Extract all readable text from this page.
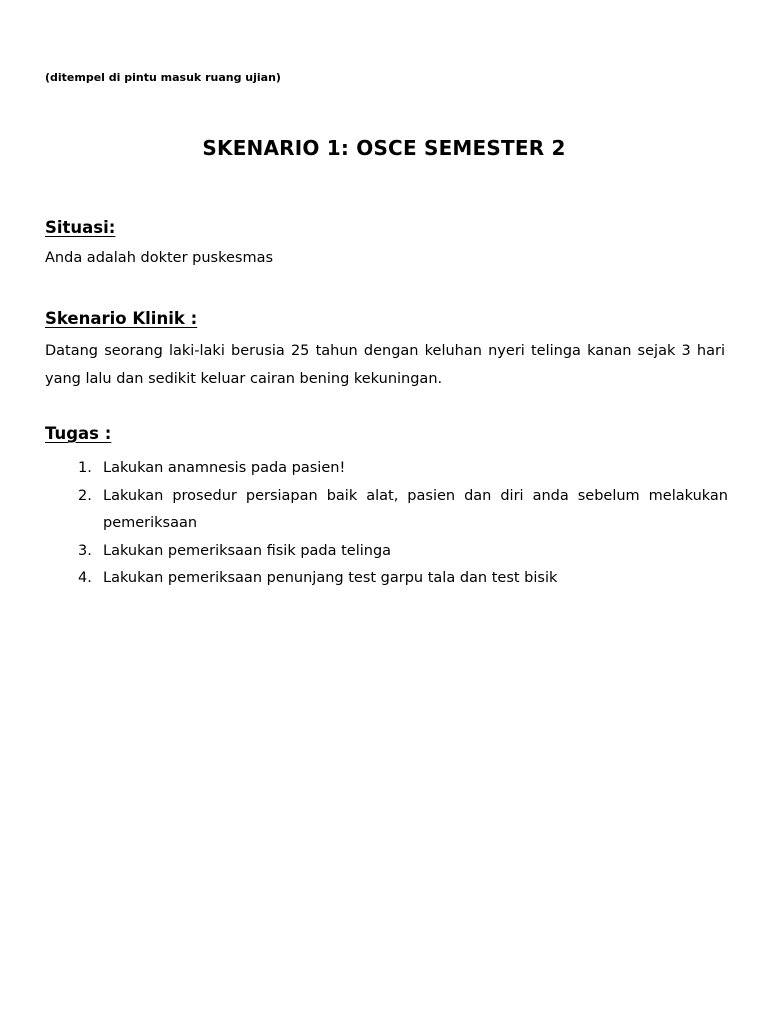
(ditempel di pintu masuk ruang ujian)
SKENARIO 1: OSCE SEMESTER 2
Situasi:
Anda adalah dokter puskesmas
Skenario Klinik :
Datang seorang laki-laki berusia 25 tahun dengan keluhan nyeri telinga kanan sejak 3 hari yang lalu dan sedikit keluar cairan bening kekuningan.
Tugas :
1. Lakukan anamnesis pada pasien!
2. Lakukan prosedur persiapan baik alat, pasien dan diri anda sebelum melakukan pemeriksaan
3. Lakukan pemeriksaan fisik pada telinga
4. Lakukan pemeriksaan penunjang test garpu tala dan test bisik
